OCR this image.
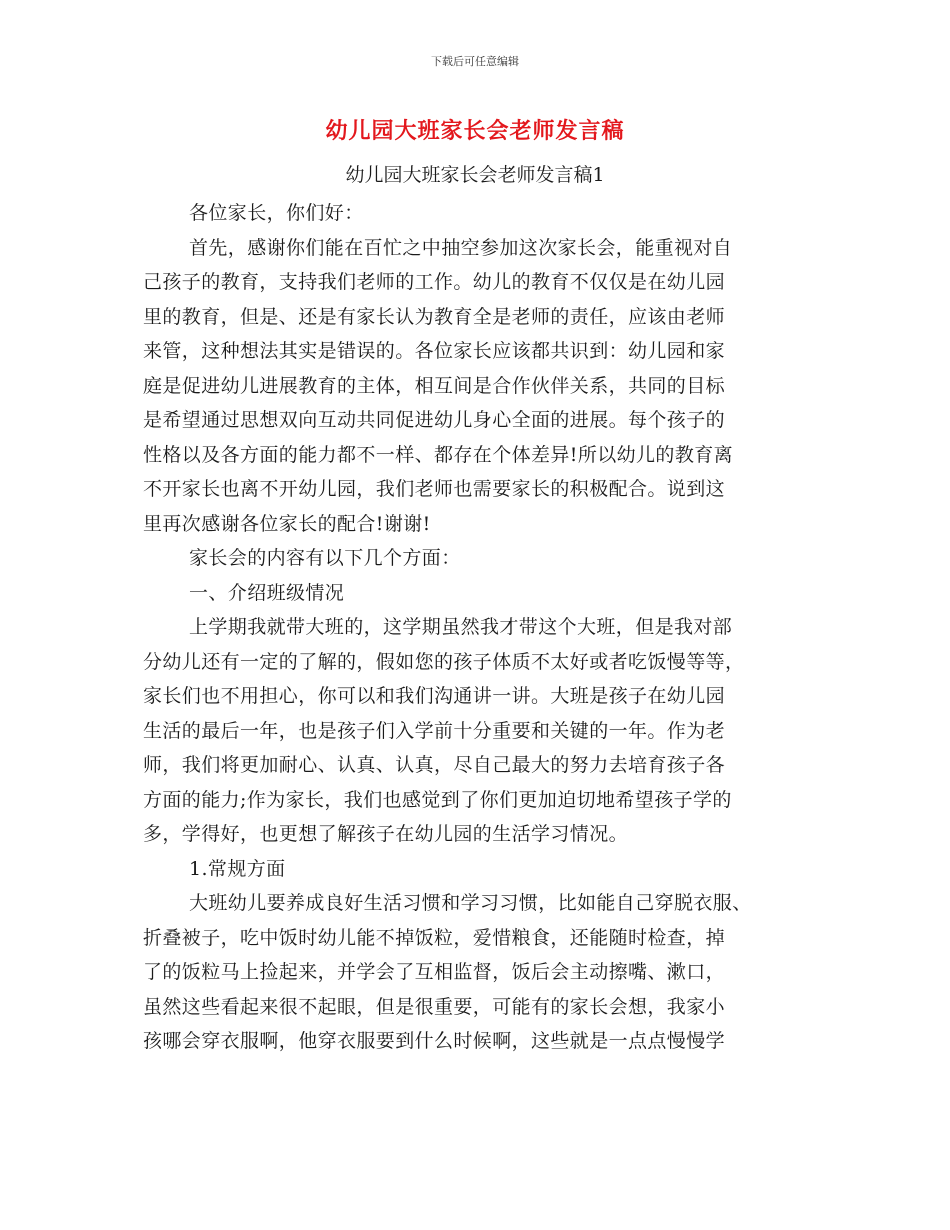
下载后可任意编辑
幼儿园大班家长会老师发言稿
幼儿园大班家长会老师发言稿1
各位家长，你们好：
首先，感谢你们能在百忙之中抽空参加这次家长会，能重视对自
己孩子的教育，支持我们老师的工作。幼儿的教育不仅仅是在幼儿园
里的教育，但是、还是有家长认为教育全是老师的责任，应该由老师
来管，这种想法其实是错误的。各位家长应该都共识到：幼儿园和家
庭是促进幼儿进展教育的主体，相互间是合作伙伴关系，共同的目标
是希望通过思想双向互动共同促进幼儿身心全面的进展。每个孩子的
性格以及各方面的能力都不一样、都存在个体差异!所以幼儿的教育离
不开家长也离不开幼儿园，我们老师也需要家长的积极配合。说到这
里再次感谢各位家长的配合!谢谢!
家长会的内容有以下几个方面：
一、介绍班级情况
上学期我就带大班的，这学期虽然我才带这个大班，但是我对部
分幼儿还有一定的了解的，假如您的孩子体质不太好或者吃饭慢等等，
家长们也不用担心，你可以和我们沟通讲一讲。大班是孩子在幼儿园
生活的最后一年，也是孩子们入学前十分重要和关键的一年。作为老
师，我们将更加耐心、认真、认真，尽自己最大的努力去培育孩子各
方面的能力;作为家长，我们也感觉到了你们更加迫切地希望孩子学的
多，学得好，也更想了解孩子在幼儿园的生活学习情况。
1.常规方面
大班幼儿要养成良好生活习惯和学习习惯，比如能自己穿脱衣服、
折叠被子，吃中饭时幼儿能不掉饭粒，爱惜粮食，还能随时检查，掉
了的饭粒马上捡起来，并学会了互相监督，饭后会主动擦嘴、漱口，
虽然这些看起来很不起眼，但是很重要，可能有的家长会想，我家小
孩哪会穿衣服啊，他穿衣服要到什么时候啊，这些就是一点点慢慢学
